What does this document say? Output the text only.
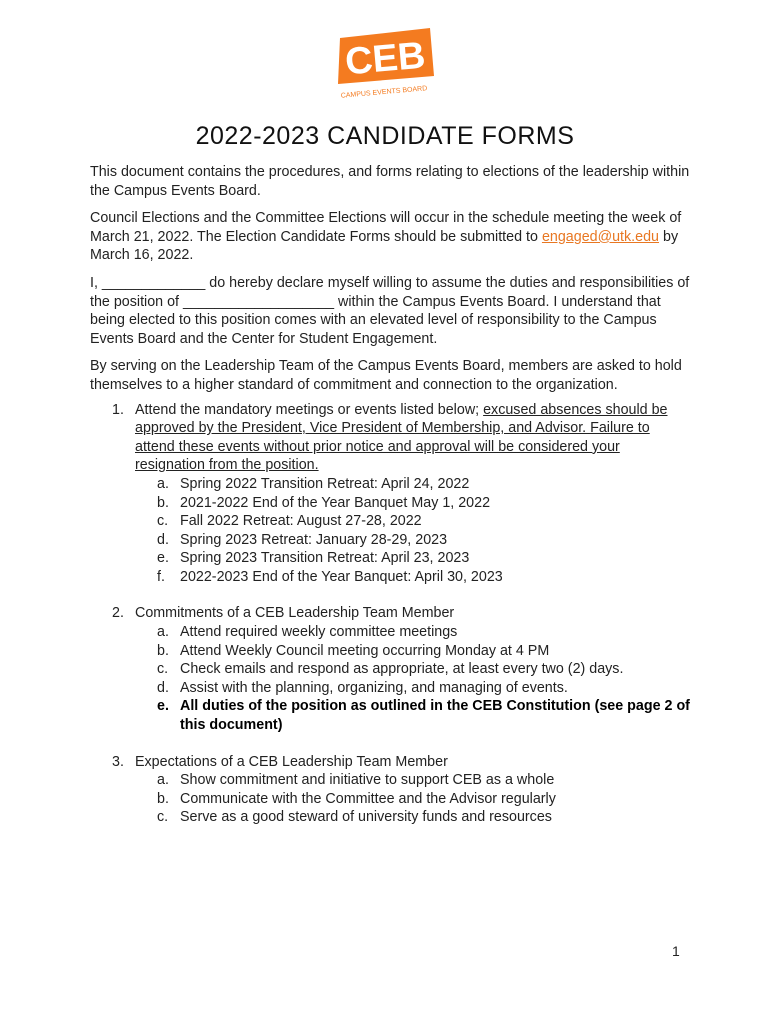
CEB
CAMPUS EVENTS BOARD
2022-2023 CANDIDATE FORMS

This document contains the procedures, and forms relating to elections of the leadership within the Campus Events Board.

Council Elections and the Committee Elections will occur in the schedule meeting the week of March 21, 2022. The Election Candidate Forms should be submitted to engaged@utk.edu by March 16, 2022.

I, _____________ do hereby declare myself willing to assume the duties and responsibilities of the position of ___________________ within the Campus Events Board. I understand that being elected to this position comes with an elevated level of responsibility to the Campus Events Board and the Center for Student Engagement.

By serving on the Leadership Team of the Campus Events Board, members are asked to hold themselves to a higher standard of commitment and connection to the organization.

1. Attend the mandatory meetings or events listed below; excused absences should be approved by the President, Vice President of Membership, and Advisor. Failure to attend these events without prior notice and approval will be considered your resignation from the position.
a. Spring 2022 Transition Retreat: April 24, 2022
b. 2021-2022 End of the Year Banquet May 1, 2022
c. Fall 2022 Retreat: August 27-28, 2022
d. Spring 2023 Retreat: January 28-29, 2023
e. Spring 2023 Transition Retreat: April 23, 2023
f. 2022-2023 End of the Year Banquet: April 30, 2023
2. Commitments of a CEB Leadership Team Member
a. Attend required weekly committee meetings
b. Attend Weekly Council meeting occurring Monday at 4 PM
c. Check emails and respond as appropriate, at least every two (2) days.
d. Assist with the planning, organizing, and managing of events.
e. All duties of the position as outlined in the CEB Constitution (see page 2 of this document)
3. Expectations of a CEB Leadership Team Member
a. Show commitment and initiative to support CEB as a whole
b. Communicate with the Committee and the Advisor regularly
c. Serve as a good steward of university funds and resources
1
